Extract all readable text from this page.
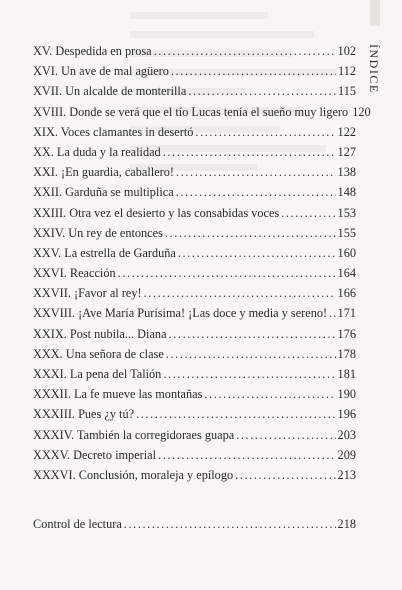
ÍNDICE
XV. Despedida en prosa .....	102
XVI. Un ave de mal agüero .....	112
XVII. Un alcalde de monterilla .....	115
XVIII. Donde se verá que el tío Lucas tenía el sueño muy ligero 120
XIX. Voces clamantes in desertó .....	122
XX. La duda y la realidad .....	127
XXI. ¡En guardia, caballero! .....	138
XXII. Garduña se multiplica .....	148
XXIII. Otra vez el desierto y las consabidas voces .....	153
XXIV. Un rey de entonces .....	155
XXV. La estrella de Garduña .....	160
XXVI. Reacción .....	164
XXVII. ¡Favor al rey! .....	166
XXVIII. ¡Ave María Purísima! ¡Las doce y media y sereno! ..... 171
XXIX. Post nubila... Diana .....	176
XXX. Una señora de clase .....	178
XXXI. La pena del Talión .....	181
XXXII. La fe mueve las montañas .....	190
XXXIII. Pues ¿y tú? .....	196
XXXIV. También la corregidoraes guapa .....	203
XXXV. Decreto imperial .....	209
XXXVI. Conclusión, moraleja y epílogo .....	213
Control de lectura .....	218
